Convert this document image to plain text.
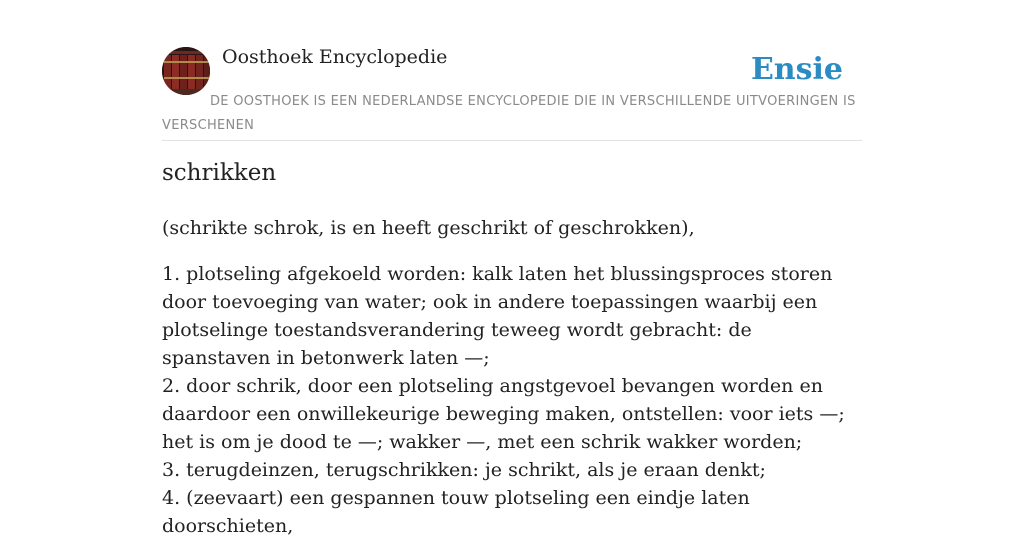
Oosthoek Encyclopedie	Ensie
DE OOSTHOEK IS EEN NEDERLANDSE ENCYCLOPEDIE DIE IN VERSCHILLENDE UITVOERINGEN IS VERSCHENEN
schrikken

(schrikte schrok, is en heeft geschrikt of geschrokken),

1. plotseling afgekoeld worden: kalk laten het blussingsproces storen door toevoeging van water; ook in andere toepassingen waarbij een plotselinge toestandsverandering teweeg wordt gebracht: de spanstaven in betonwerk laten —;
2. door schrik, door een plotseling angstgevoel bevangen worden en daardoor een onwillekeurige beweging maken, ontstellen: voor iets —; het is om je dood te —; wakker —, met een schrik wakker worden;
3. terugdeinzen, terugschrikken: je schrikt, als je eraan denkt;
4. (zeevaart) een gespannen touw plotseling een eindje laten doorschieten,
